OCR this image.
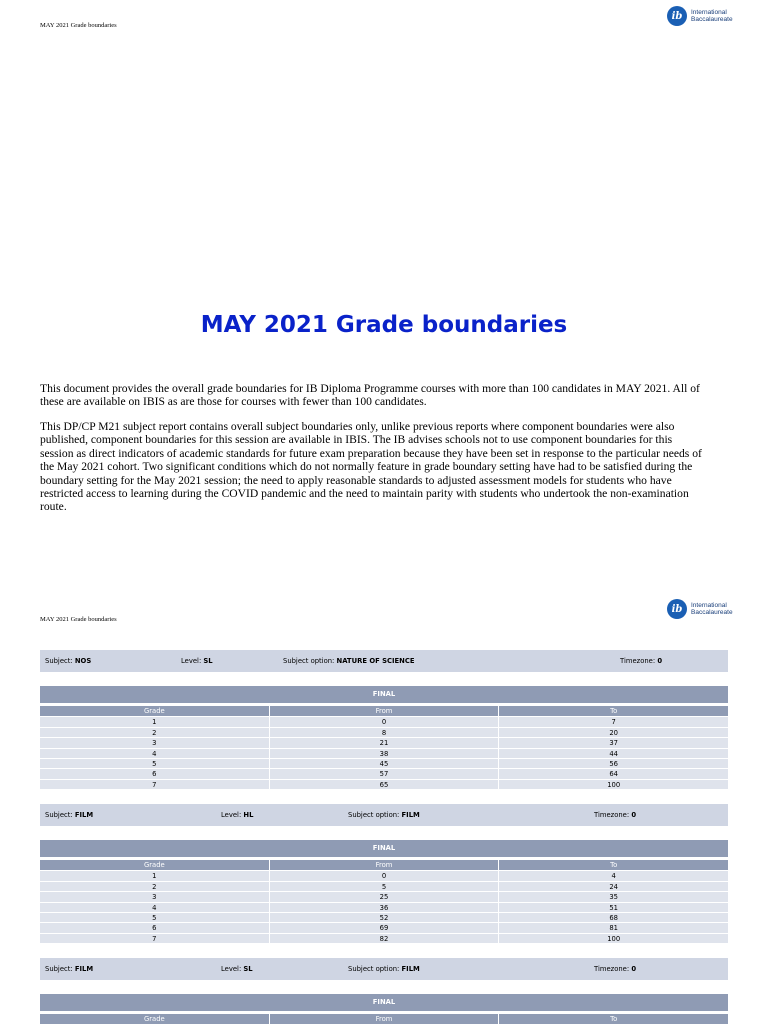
MAY 2021 Grade boundaries
ib	International
Baccalaureate
MAY 2021 Grade boundaries
This document provides the overall grade boundaries for IB Diploma Programme courses with more than 100 candidates in MAY 2021. All of these are available on IBIS as are those for courses with fewer than 100 candidates.
This DP/CP M21 subject report contains overall subject boundaries only, unlike previous reports where component boundaries were also published, component boundaries for this session are available in IBIS. The IB advises schools not to use component boundaries for this session as direct indicators of academic standards for future exam preparation because they have been set in response to the particular needs of the May 2021 cohort. Two significant conditions which do not normally feature in grade boundary setting have had to be satisfied during the boundary setting for the May 2021 session; the need to apply reasonable standards to adjusted assessment models for students who have restricted access to learning during the COVID pandemic and the need to maintain parity with students who undertook the non-examination route.
MAY 2021 Grade boundaries
ib	International
Baccalaureate
Subject: NOS	Level: SL	Subject option: NATURE OF SCIENCE	Timezone: 0
FINAL
Grade	From	To
1	0	7
2	8	20
3	21	37
4	38	44
5	45	56
6	57	64
7	65	100
Subject: FILM	Level: HL	Subject option: FILM	Timezone: 0
FINAL
Grade	From	To
1	0	4
2	5	24
3	25	35
4	36	51
5	52	68
6	69	81
7	82	100
Subject: FILM	Level: SL	Subject option: FILM	Timezone: 0
FINAL
Grade	From	To
